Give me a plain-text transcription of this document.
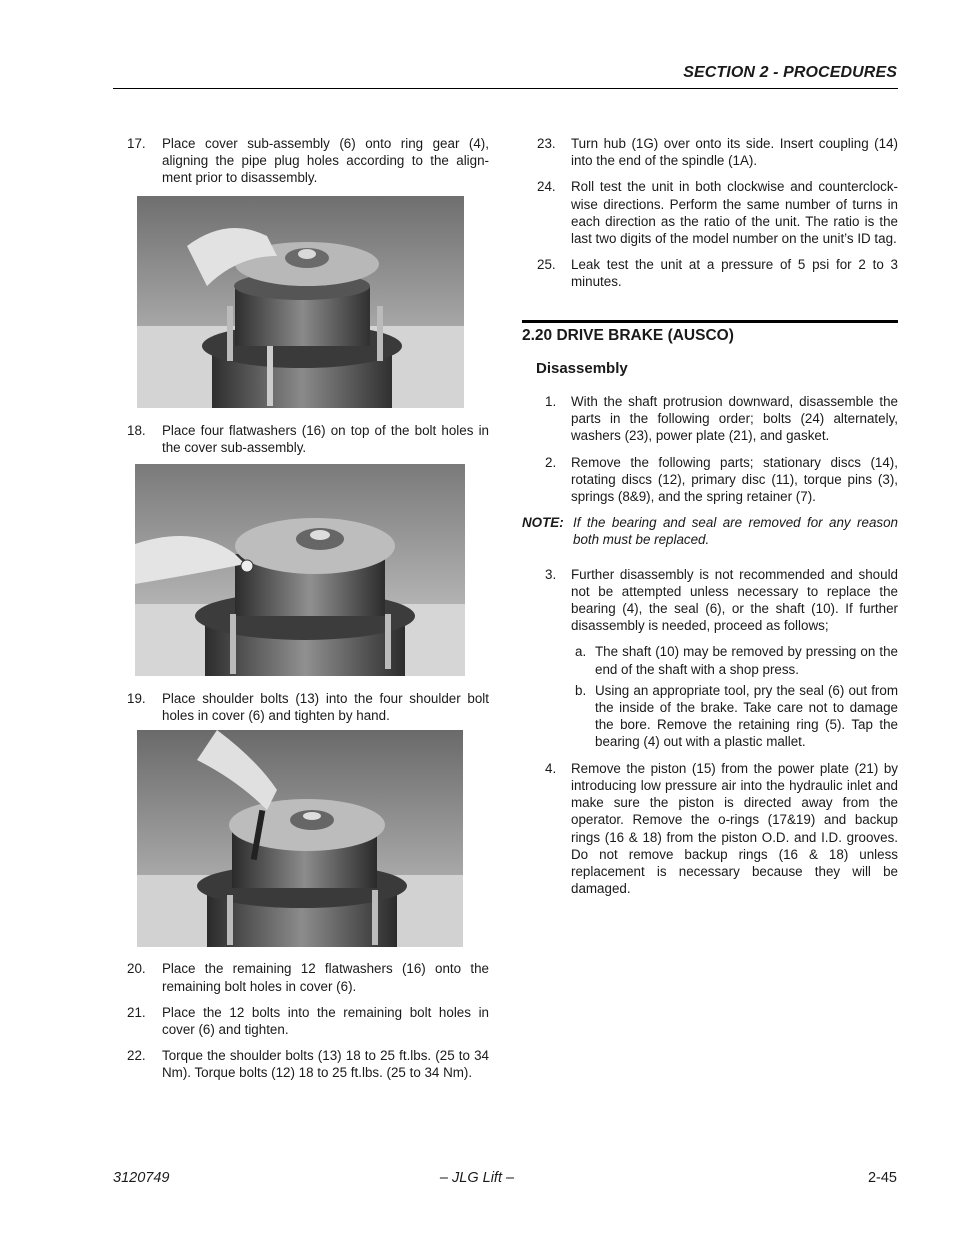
SECTION 2 - PROCEDURES
17. Place cover sub-assembly (6) onto ring gear (4), aligning the pipe plug holes according to the align-ment prior to disassembly.
18. Place four flatwashers (16) on top of the bolt holes in the cover sub-assembly.
19. Place shoulder bolts (13) into the four shoulder bolt holes in cover (6) and tighten by hand.
20. Place the remaining 12 flatwashers (16) onto the remaining bolt holes in cover (6).
21. Place the 12 bolts into the remaining bolt holes in cover (6) and tighten.
22. Torque the shoulder bolts (13) 18 to 25 ft.lbs. (25 to 34 Nm). Torque bolts (12) 18 to 25 ft.lbs. (25 to 34 Nm).
23. Turn hub (1G) over onto its side. Insert coupling (14) into the end of the spindle (1A).
24. Roll test the unit in both clockwise and counterclock-wise directions. Perform the same number of turns in each direction as the ratio of the unit. The ratio is the last two digits of the model number on the unit’s ID tag.
25. Leak test the unit at a pressure of 5 psi for 2 to 3 minutes.
2.20 DRIVE BRAKE (AUSCO)
Disassembly
1. With the shaft protrusion downward, disassemble the parts in the following order; bolts (24) alternately, washers (23), power plate (21), and gasket.
2. Remove the following parts; stationary discs (14), rotating discs (12), primary disc (11), torque pins (3), springs (8&9), and the spring retainer (7).
NOTE: If the bearing and seal are removed for any reason both must be replaced.
3. Further disassembly is not recommended and should not be attempted unless necessary to replace the bearing (4), the seal (6), or the shaft (10). If further disassembly is needed, proceed as follows;
a. The shaft (10) may be removed by pressing on the end of the shaft with a shop press.
b. Using an appropriate tool, pry the seal (6) out from the inside of the brake. Take care not to damage the bore. Remove the retaining ring (5). Tap the bearing (4) out with a plastic mallet.
4. Remove the piston (15) from the power plate (21) by introducing low pressure air into the hydraulic inlet and make sure the piston is directed away from the operator. Remove the o-rings (17&19) and backup rings (16 & 18) from the piston O.D. and I.D. grooves. Do not remove backup rings (16 & 18) unless replacement is necessary because they will be damaged.
3120749	– JLG Lift –	2-45
